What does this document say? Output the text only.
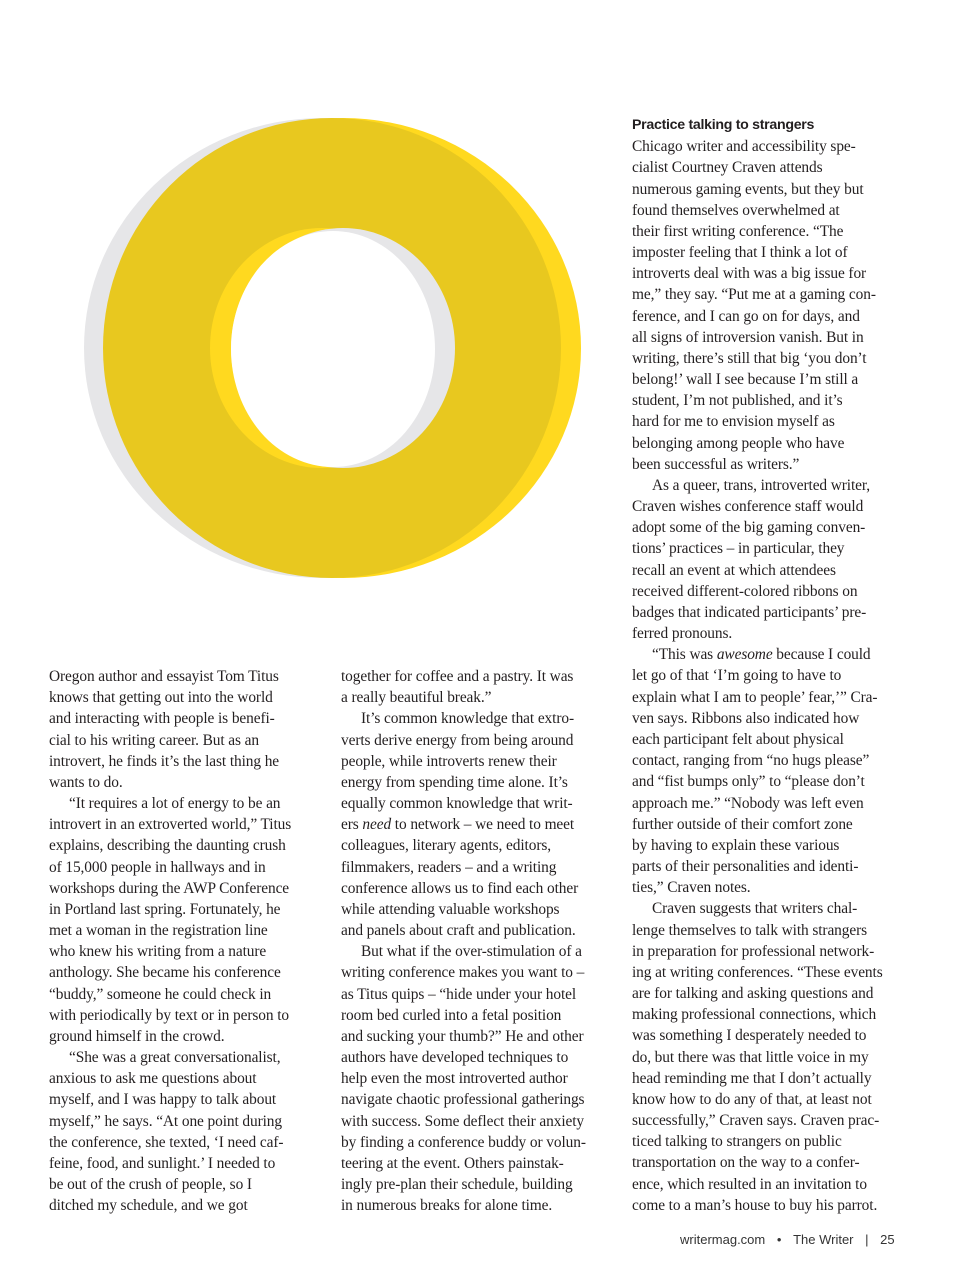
Oregon author and essayist Tom Titus
knows that getting out into the world
and interacting with people is benefi-
cial to his writing career. But as an
introvert, he finds it’s the last thing he
wants to do.
“It requires a lot of energy to be an
introvert in an extroverted world,” Titus
explains, describing the daunting crush
of 15,000 people in hallways and in
workshops during the AWP Conference
in Portland last spring. Fortunately, he
met a woman in the registration line
who knew his writing from a nature
anthology. She became his conference
“buddy,” someone he could check in
with periodically by text or in person to
ground himself in the crowd.
“She was a great conversationalist,
anxious to ask me questions about
myself, and I was happy to talk about
myself,” he says. “At one point during
the conference, she texted, ‘I need caf-
feine, food, and sunlight.’ I needed to
be out of the crush of people, so I
ditched my schedule, and we got
together for coffee and a pastry. It was
a really beautiful break.”
It’s common knowledge that extro-
verts derive energy from being around
people, while introverts renew their
energy from spending time alone. It’s
equally common knowledge that writ-
ers need to network – we need to meet
colleagues, literary agents, editors,
filmmakers, readers – and a writing
conference allows us to find each other
while attending valuable workshops
and panels about craft and publication.
But what if the over-stimulation of a
writing conference makes you want to –
as Titus quips – “hide under your hotel
room bed curled into a fetal position
and sucking your thumb?” He and other
authors have developed techniques to
help even the most introverted author
navigate chaotic professional gatherings
with success. Some deflect their anxiety
by finding a conference buddy or volun-
teering at the event. Others painstak-
ingly pre-plan their schedule, building
in numerous breaks for alone time.
Practice talking to strangers
Chicago writer and accessibility spe-
cialist Courtney Craven attends
numerous gaming events, but they but
found themselves overwhelmed at
their first writing conference. “The
imposter feeling that I think a lot of
introverts deal with was a big issue for
me,” they say. “Put me at a gaming con-
ference, and I can go on for days, and
all signs of introversion vanish. But in
writing, there’s still that big ‘you don’t
belong!’ wall I see because I’m still a
student, I’m not published, and it’s
hard for me to envision myself as
belonging among people who have
been successful as writers.”
As a queer, trans, introverted writer,
Craven wishes conference staff would
adopt some of the big gaming conven-
tions’ practices – in particular, they
recall an event at which attendees
received different-colored ribbons on
badges that indicated participants’ pre-
ferred pronouns.
“This was awesome because I could
let go of that ‘I’m going to have to
explain what I am to people’ fear,’” Cra-
ven says. Ribbons also indicated how
each participant felt about physical
contact, ranging from “no hugs please”
and “fist bumps only” to “please don’t
approach me.” “Nobody was left even
further outside of their comfort zone
by having to explain these various
parts of their personalities and identi-
ties,” Craven notes.
Craven suggests that writers chal-
lenge themselves to talk with strangers
in preparation for professional network-
ing at writing conferences. “These events
are for talking and asking questions and
making professional connections, which
was something I desperately needed to
do, but there was that little voice in my
head reminding me that I don’t actually
know how to do any of that, at least not
successfully,” Craven says. Craven prac-
ticed talking to strangers on public
transportation on the way to a confer-
ence, which resulted in an invitation to
come to a man’s house to buy his parrot.
writermag.com • The Writer | 25
